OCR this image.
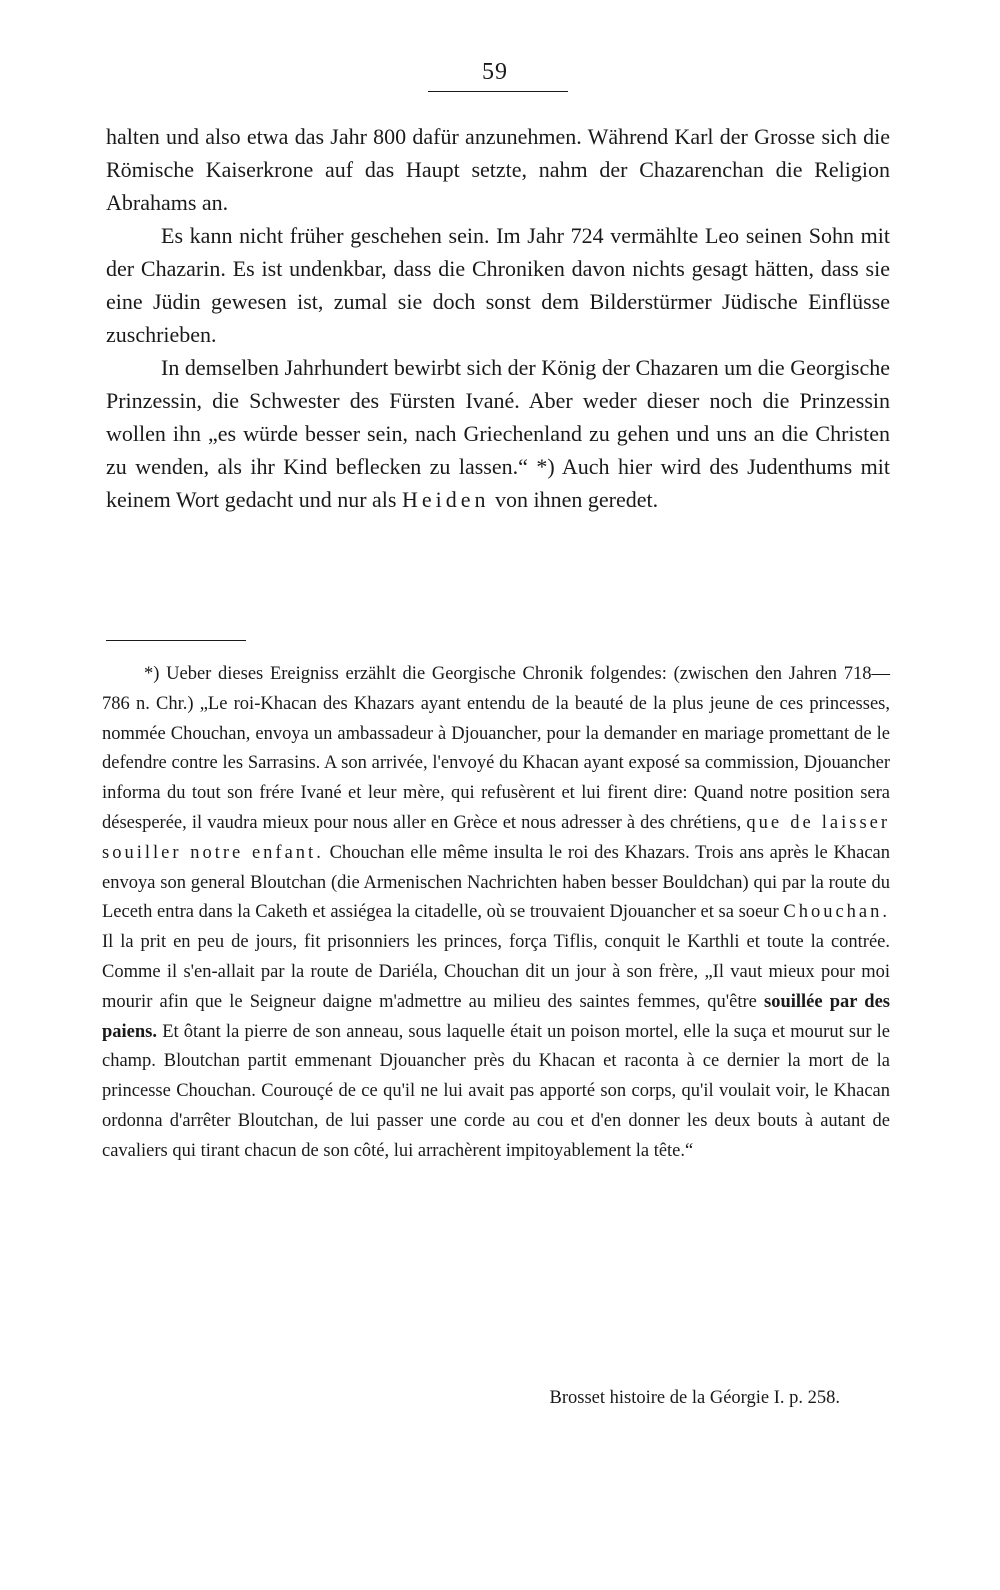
59

halten und also etwa das Jahr 800 dafür anzunehmen. Während Karl der Grosse sich die Römische Kaiserkrone auf das Haupt setzte, nahm der Chazarenchan die Religion Abrahams an.

Es kann nicht früher geschehen sein. Im Jahr 724 vermählte Leo seinen Sohn mit der Chazarin. Es ist undenkbar, dass die Chroniken davon nichts gesagt hätten, dass sie eine Jüdin gewesen ist, zumal sie doch sonst dem Bilderstürmer Jüdische Einflüsse zuschrieben.

In demselben Jahrhundert bewirbt sich der König der Chazaren um die Georgische Prinzessin, die Schwester des Fürsten Ivané. Aber weder dieser noch die Prinzessin wollen ihn „es würde besser sein, nach Griechenland zu gehen und uns an die Christen zu wenden, als ihr Kind beflecken zu lassen.“ *) Auch hier wird des Judenthums mit keinem Wort gedacht und nur als Heiden von ihnen geredet.

*) Ueber dieses Ereigniss erzählt die Georgische Chronik folgendes: (zwischen den Jahren 718—786 n. Chr.) „Le roi-Khacan des Khazars ayant entendu de la beauté de la plus jeune de ces princesses, nommée Chouchan, envoya un ambassadeur à Djouancher, pour la demander en mariage promettant de le defendre contre les Sarrasins. A son arrivée, l'envoyé du Khacan ayant exposé sa commission, Djouancher informa du tout son frére Ivané et leur mère, qui refusèrent et lui firent dire: Quand notre position sera désesperée, il vaudra mieux pour nous aller en Grèce et nous adresser à des chrétiens, que de laisser souiller notre enfant. Chouchan elle même insulta le roi des Khazars. Trois ans après le Khacan envoya son general Bloutchan (die Armenischen Nachrichten haben besser Bouldchan) qui par la route du Leceth entra dans la Caketh et assiégea la citadelle, où se trouvaient Djouancher et sa soeur Chouchan. Il la prit en peu de jours, fit prisonniers les princes, força Tiflis, conquit le Karthli et toute la contrée. Comme il s'en-allait par la route de Dariéla, Chouchan dit un jour à son frère, „Il vaut mieux pour moi mourir afin que le Seigneur daigne m'admettre au milieu des saintes femmes, qu'être souillée par des paiens. Et ôtant la pierre de son anneau, sous laquelle était un poison mortel, elle la suça et mourut sur le champ. Bloutchan partit emmenant Djouancher près du Khacan et raconta à ce dernier la mort de la princesse Chouchan. Courouçé de ce qu'il ne lui avait pas apporté son corps, qu'il voulait voir, le Khacan ordonna d'arrêter Bloutchan, de lui passer une corde au cou et d'en donner les deux bouts à autant de cavaliers qui tirant chacun de son côté, lui arrachèrent impitoyablement la tête.“

Brosset histoire de la Géorgie I. p. 258.
